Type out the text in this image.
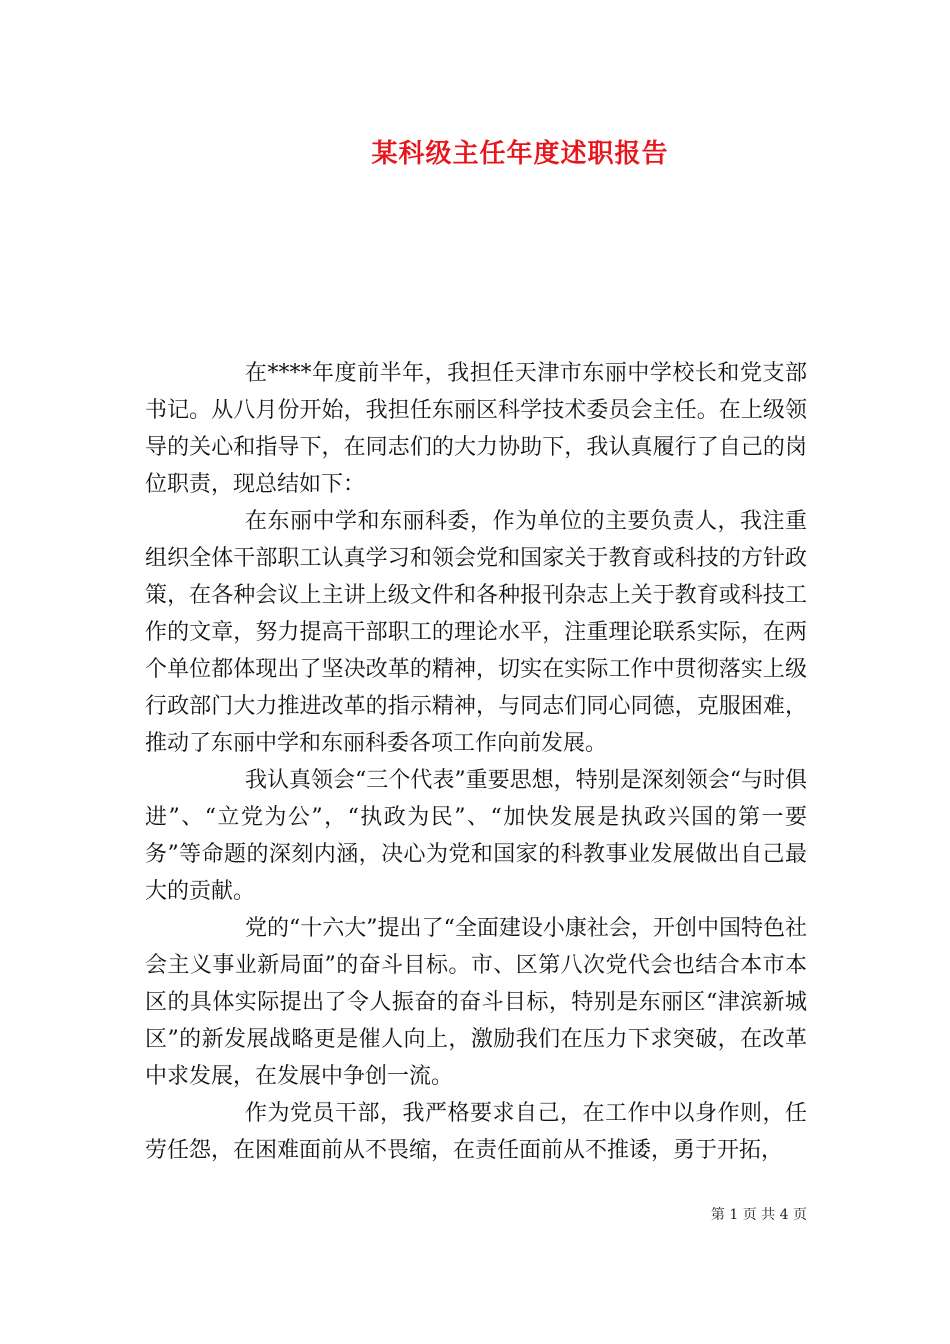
某科级主任年度述职报告

在****年度前半年，我担任天津市东丽中学校长和党支部书记。从八月份开始，我担任东丽区科学技术委员会主任。在上级领导的关心和指导下，在同志们的大力协助下，我认真履行了自己的岗位职责，现总结如下：

在东丽中学和东丽科委，作为单位的主要负责人，我注重组织全体干部职工认真学习和领会党和国家关于教育或科技的方针政策，在各种会议上主讲上级文件和各种报刊杂志上关于教育或科技工作的文章，努力提高干部职工的理论水平，注重理论联系实际，在两个单位都体现出了坚决改革的精神，切实在实际工作中贯彻落实上级行政部门大力推进改革的指示精神，与同志们同心同德，克服困难，推动了东丽中学和东丽科委各项工作向前发展。

我认真领会“三个代表”重要思想，特别是深刻领会“与时俱进”、“立党为公”，“执政为民”、“加快发展是执政兴国的第一要务”等命题的深刻内涵，决心为党和国家的科教事业发展做出自己最大的贡献。

党的“十六大”提出了“全面建设小康社会，开创中国特色社会主义事业新局面”的奋斗目标。市、区第八次党代会也结合本市本区的具体实际提出了令人振奋的奋斗目标，特别是东丽区“津滨新城区”的新发展战略更是催人向上，激励我们在压力下求突破，在改革中求发展，在发展中争创一流。

作为党员干部，我严格要求自己，在工作中以身作则，任劳任怨，在困难面前从不畏缩，在责任面前从不推诿，勇于开拓，

第 1 页 共 4 页
